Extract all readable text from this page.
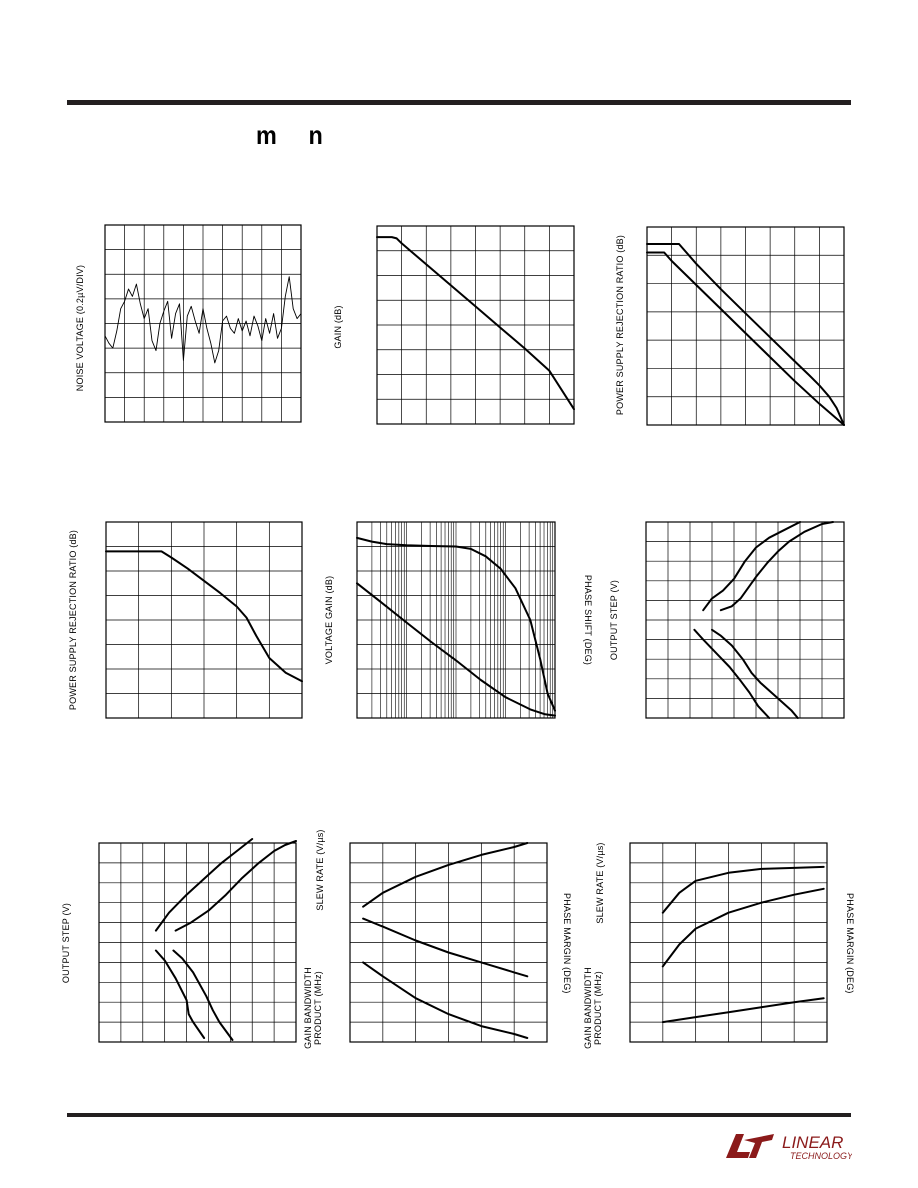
m n
NOISE VOLTAGE (0.2µV/DIV)	GAIN (dB)	POWER SUPPLY REJECTION RATIO (dB)
POWER SUPPLY REJECTION RATIO (dB)	VOLTAGE GAIN (dB)	PHASE SHIFT (DEG) OUTPUT STEP (V)
OUTPUT STEP (V)
SLEW RATE (V/µs)
GAIN BANDWIDTH PRODUCT (MHz)
PHASE MARGIN (DEG)
SLEW RATE (V/µs)
GAIN BANDWIDTH PRODUCT (MHz)
PHASE MARGIN (DEG)
LINEAR
TECHNOLOGY
